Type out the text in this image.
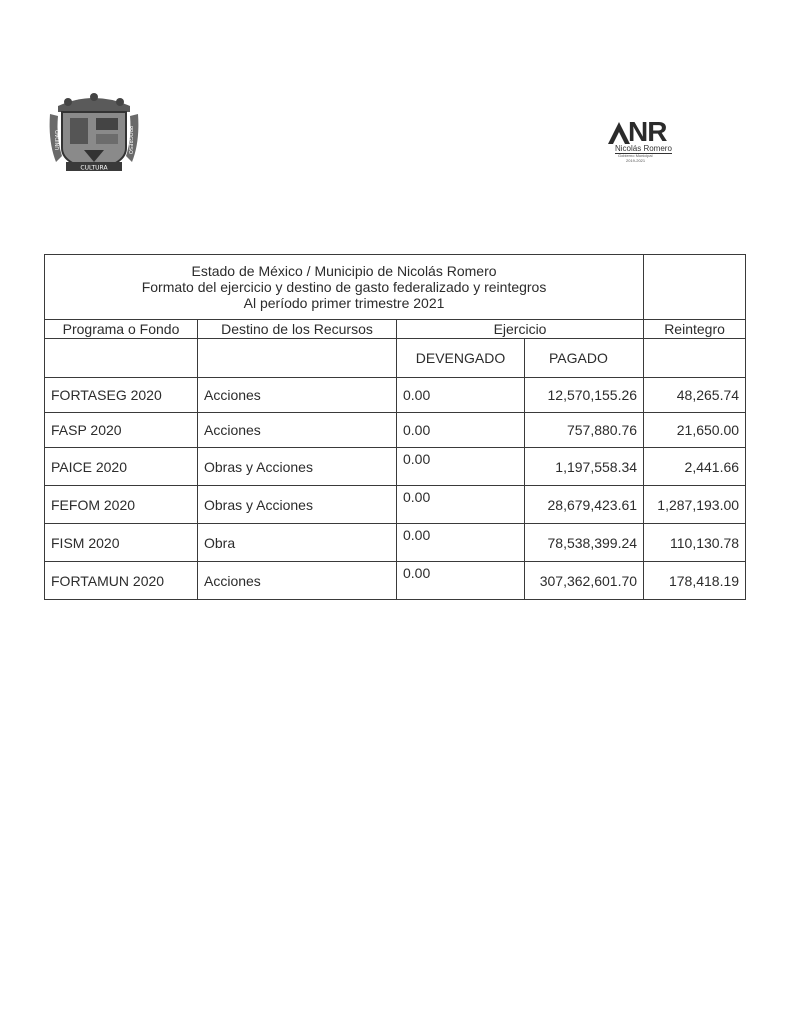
CULTURA
UNIDAD	PROGRESO	NR
Nicolás Romero
Gobierno Municipal
2019-2021
Estado de México / Municipio de Nicolás Romero
Formato del ejercicio y destino de gasto federalizado y reintegros
Al período primer trimestre 2021				

Programa o Fondo	Destino de los Recursos	Ejercicio		Reintegro
		DEVENGADO	PAGADO	
FORTASEG 2020	Acciones	0.00	12,570,155.26	48,265.74
FASP 2020	Acciones	0.00	757,880.76	21,650.00
PAICE 2020	Obras y Acciones	0.00	1,197,558.34	2,441.66
FEFOM 2020	Obras y Acciones	0.00	28,679,423.61	1,287,193.00
FISM 2020	Obra	0.00	78,538,399.24	110,130.78
FORTAMUN 2020	Acciones	0.00	307,362,601.70	178,418.19
